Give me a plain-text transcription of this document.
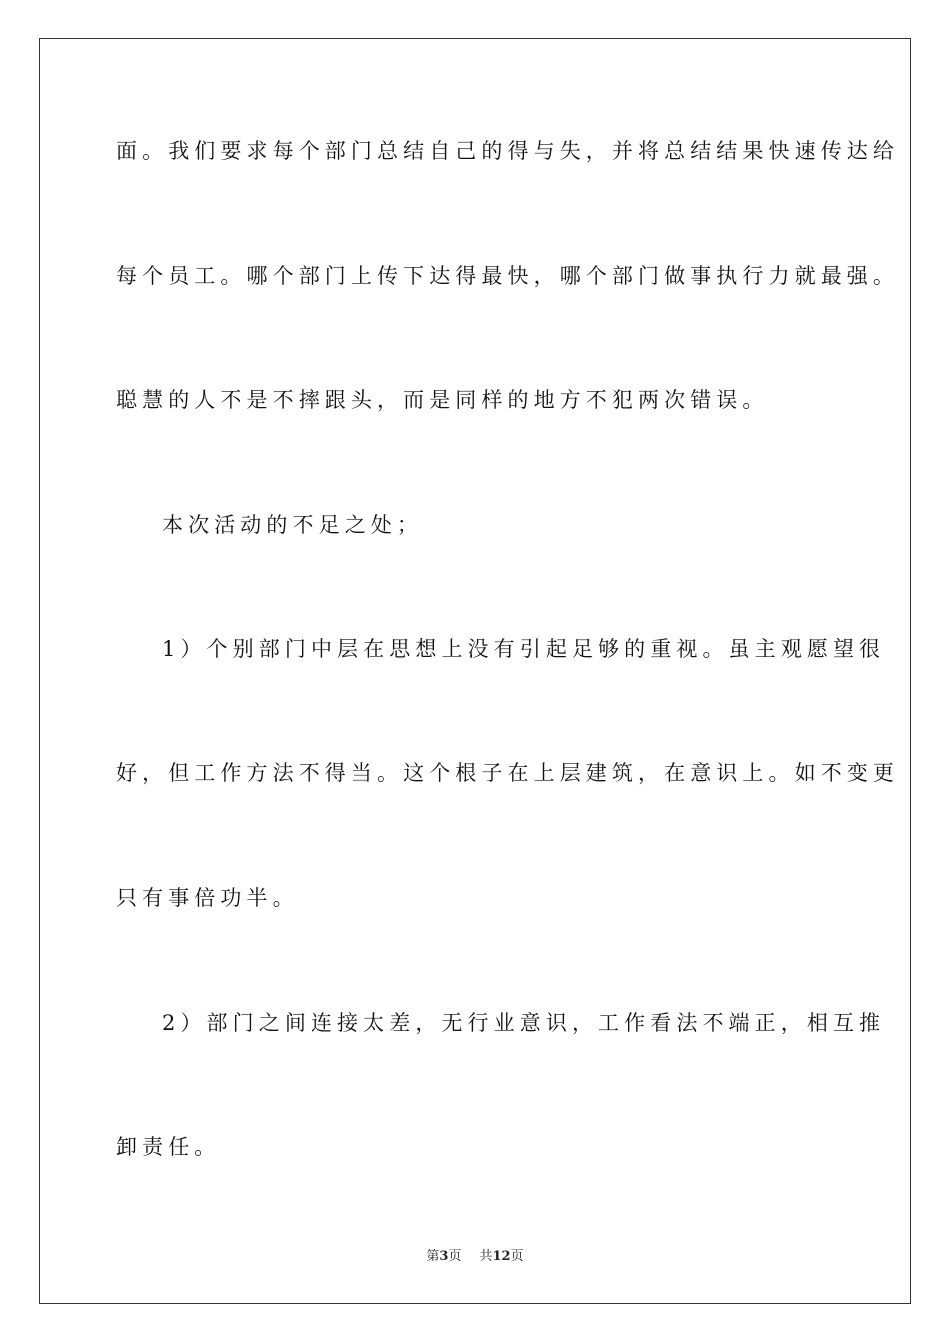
面。我们要求每个部门总结自己的得与失，并将总结结果快速传达给
每个员工。哪个部门上传下达得最快，哪个部门做事执行力就最强。
聪慧的人不是不摔跟头，而是同样的地方不犯两次错误。
本次活动的不足之处；
1）个别部门中层在思想上没有引起足够的重视。虽主观愿望很
好，但工作方法不得当。这个根子在上层建筑，在意识上。如不变更
只有事倍功半。
2）部门之间连接太差，无行业意识，工作看法不端正，相互推
卸责任。
第3页 共12页
